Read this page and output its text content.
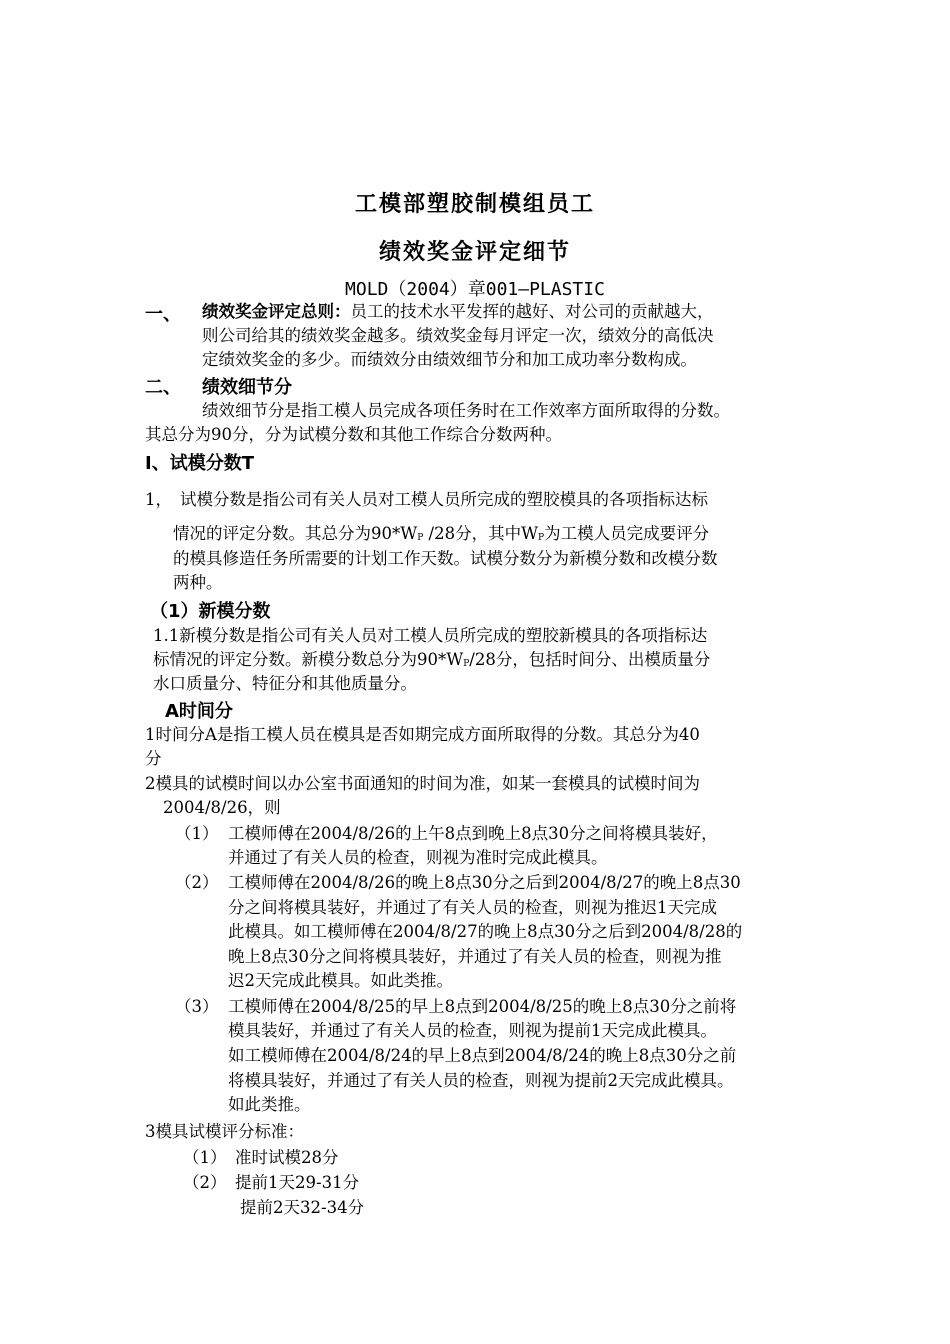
工模部塑胶制模组员工
绩效奖金评定细节
MOLD（2004）章001—PLASTIC
一、 绩效奖金评定总则：员工的技术水平发挥的越好、对公司的贡献越大，
则公司给其的绩效奖金越多。绩效奖金每月评定一次，绩效分的高低决
定绩效奖金的多少。而绩效分由绩效细节分和加工成功率分数构成。
二、 绩效细节分
绩效细节分是指工模人员完成各项任务时在工作效率方面所取得的分数。
其总分为90分，分为试模分数和其他工作综合分数两种。
I、试模分数T
1， 试模分数是指公司有关人员对工模人员所完成的塑胶模具的各项指标达标
情况的评定分数。其总分为$90*W_P$ /28分，其中$W_P$为工模人员完成要评分
的模具修造任务所需要的计划工作天数。试模分数分为新模分数和改模分数
两种。
（1）新模分数
1.1新模分数是指公司有关人员对工模人员所完成的塑胶新模具的各项指标达
标情况的评定分数。新模分数总分为$90*W_P/28$分，包括时间分、出模质量分
水口质量分、特征分和其他质量分。
A时间分
1时间分A是指工模人员在模具是否如期完成方面所取得的分数。其总分为40
分
2模具的试模时间以办公室书面通知的时间为准，如某一套模具的试模时间为
2004/8/26，则
（1） 工模师傅在2004/8/26的上午8点到晚上8点30分之间将模具装好，
并通过了有关人员的检查，则视为准时完成此模具。
（2） 工模师傅在2004/8/26的晚上8点30分之后到2004/8/27的晚上8点30
分之间将模具装好，并通过了有关人员的检查，则视为推迟1天完成
此模具。如工模师傅在2004/8/27的晚上8点30分之后到2004/8/28的
晚上8点30分之间将模具装好，并通过了有关人员的检查，则视为推
迟2天完成此模具。如此类推。
（3） 工模师傅在2004/8/25的早上8点到2004/8/25的晚上8点30分之前将
模具装好，并通过了有关人员的检查，则视为提前1天完成此模具。
如工模师傅在2004/8/24的早上8点到2004/8/24的晚上8点30分之前
将模具装好，并通过了有关人员的检查，则视为提前2天完成此模具。
如此类推。
3模具试模评分标准：
（1） 准时试模28分
（2） 提前1天29-31分
提前2天32-34分
